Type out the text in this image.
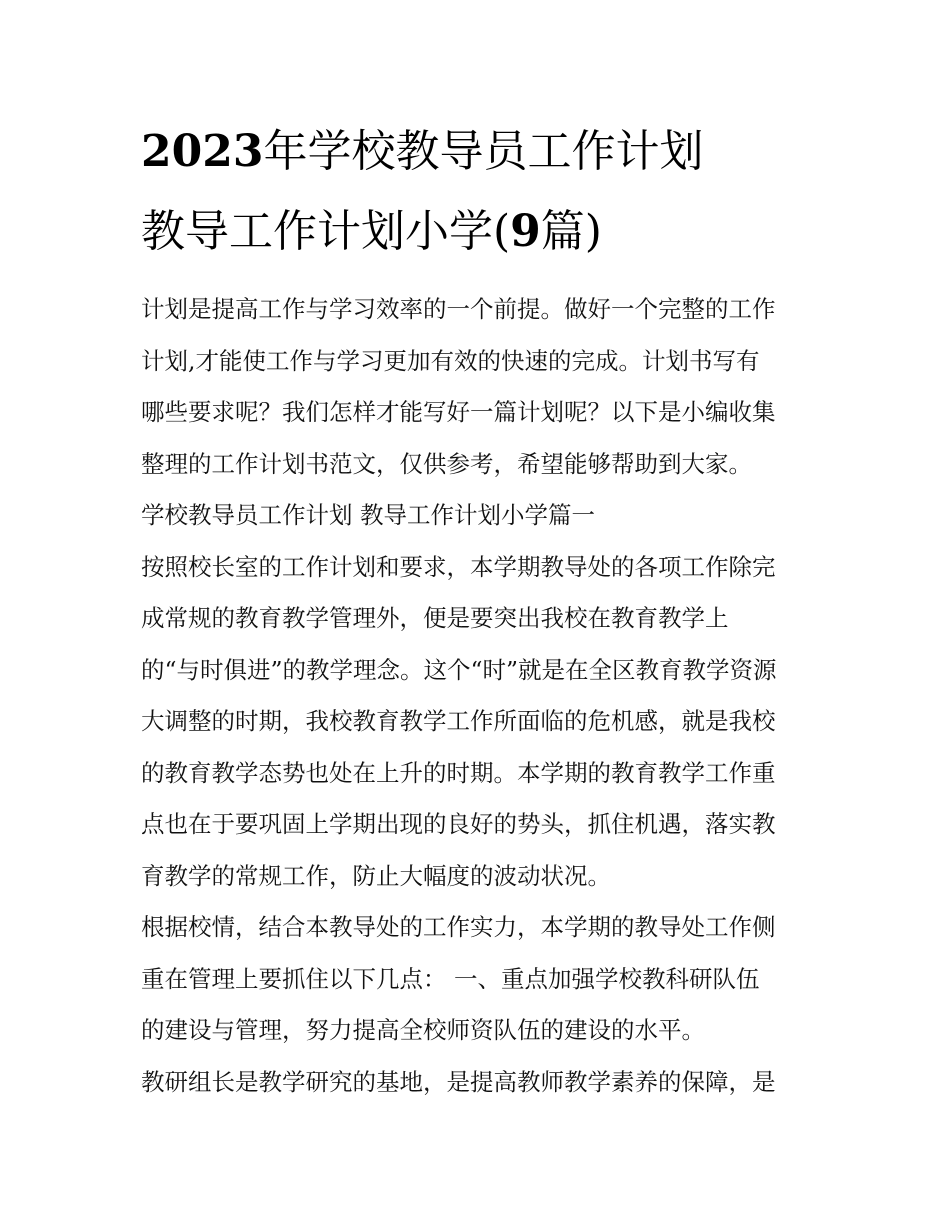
2023年学校教导员工作计划
教导工作计划小学(9篇)
计划是提高工作与学习效率的一个前提。做好一个完整的工作
计划,才能使工作与学习更加有效的快速的完成。计划书写有
哪些要求呢？我们怎样才能写好一篇计划呢？以下是小编收集
整理的工作计划书范文，仅供参考，希望能够帮助到大家。
学校教导员工作计划 教导工作计划小学篇一
按照校长室的工作计划和要求，本学期教导处的各项工作除完
成常规的教育教学管理外，便是要突出我校在教育教学上
的“与时俱进”的教学理念。这个“时”就是在全区教育教学资源
大调整的时期，我校教育教学工作所面临的危机感，就是我校
的教育教学态势也处在上升的时期。本学期的教育教学工作重
点也在于要巩固上学期出现的良好的势头，抓住机遇，落实教
育教学的常规工作，防止大幅度的波动状况。
根据校情，结合本教导处的工作实力，本学期的教导处工作侧
重在管理上要抓住以下几点： 一、重点加强学校教科研队伍
的建设与管理，努力提高全校师资队伍的建设的水平。
教研组长是教学研究的基地，是提高教师教学素养的保障，是
